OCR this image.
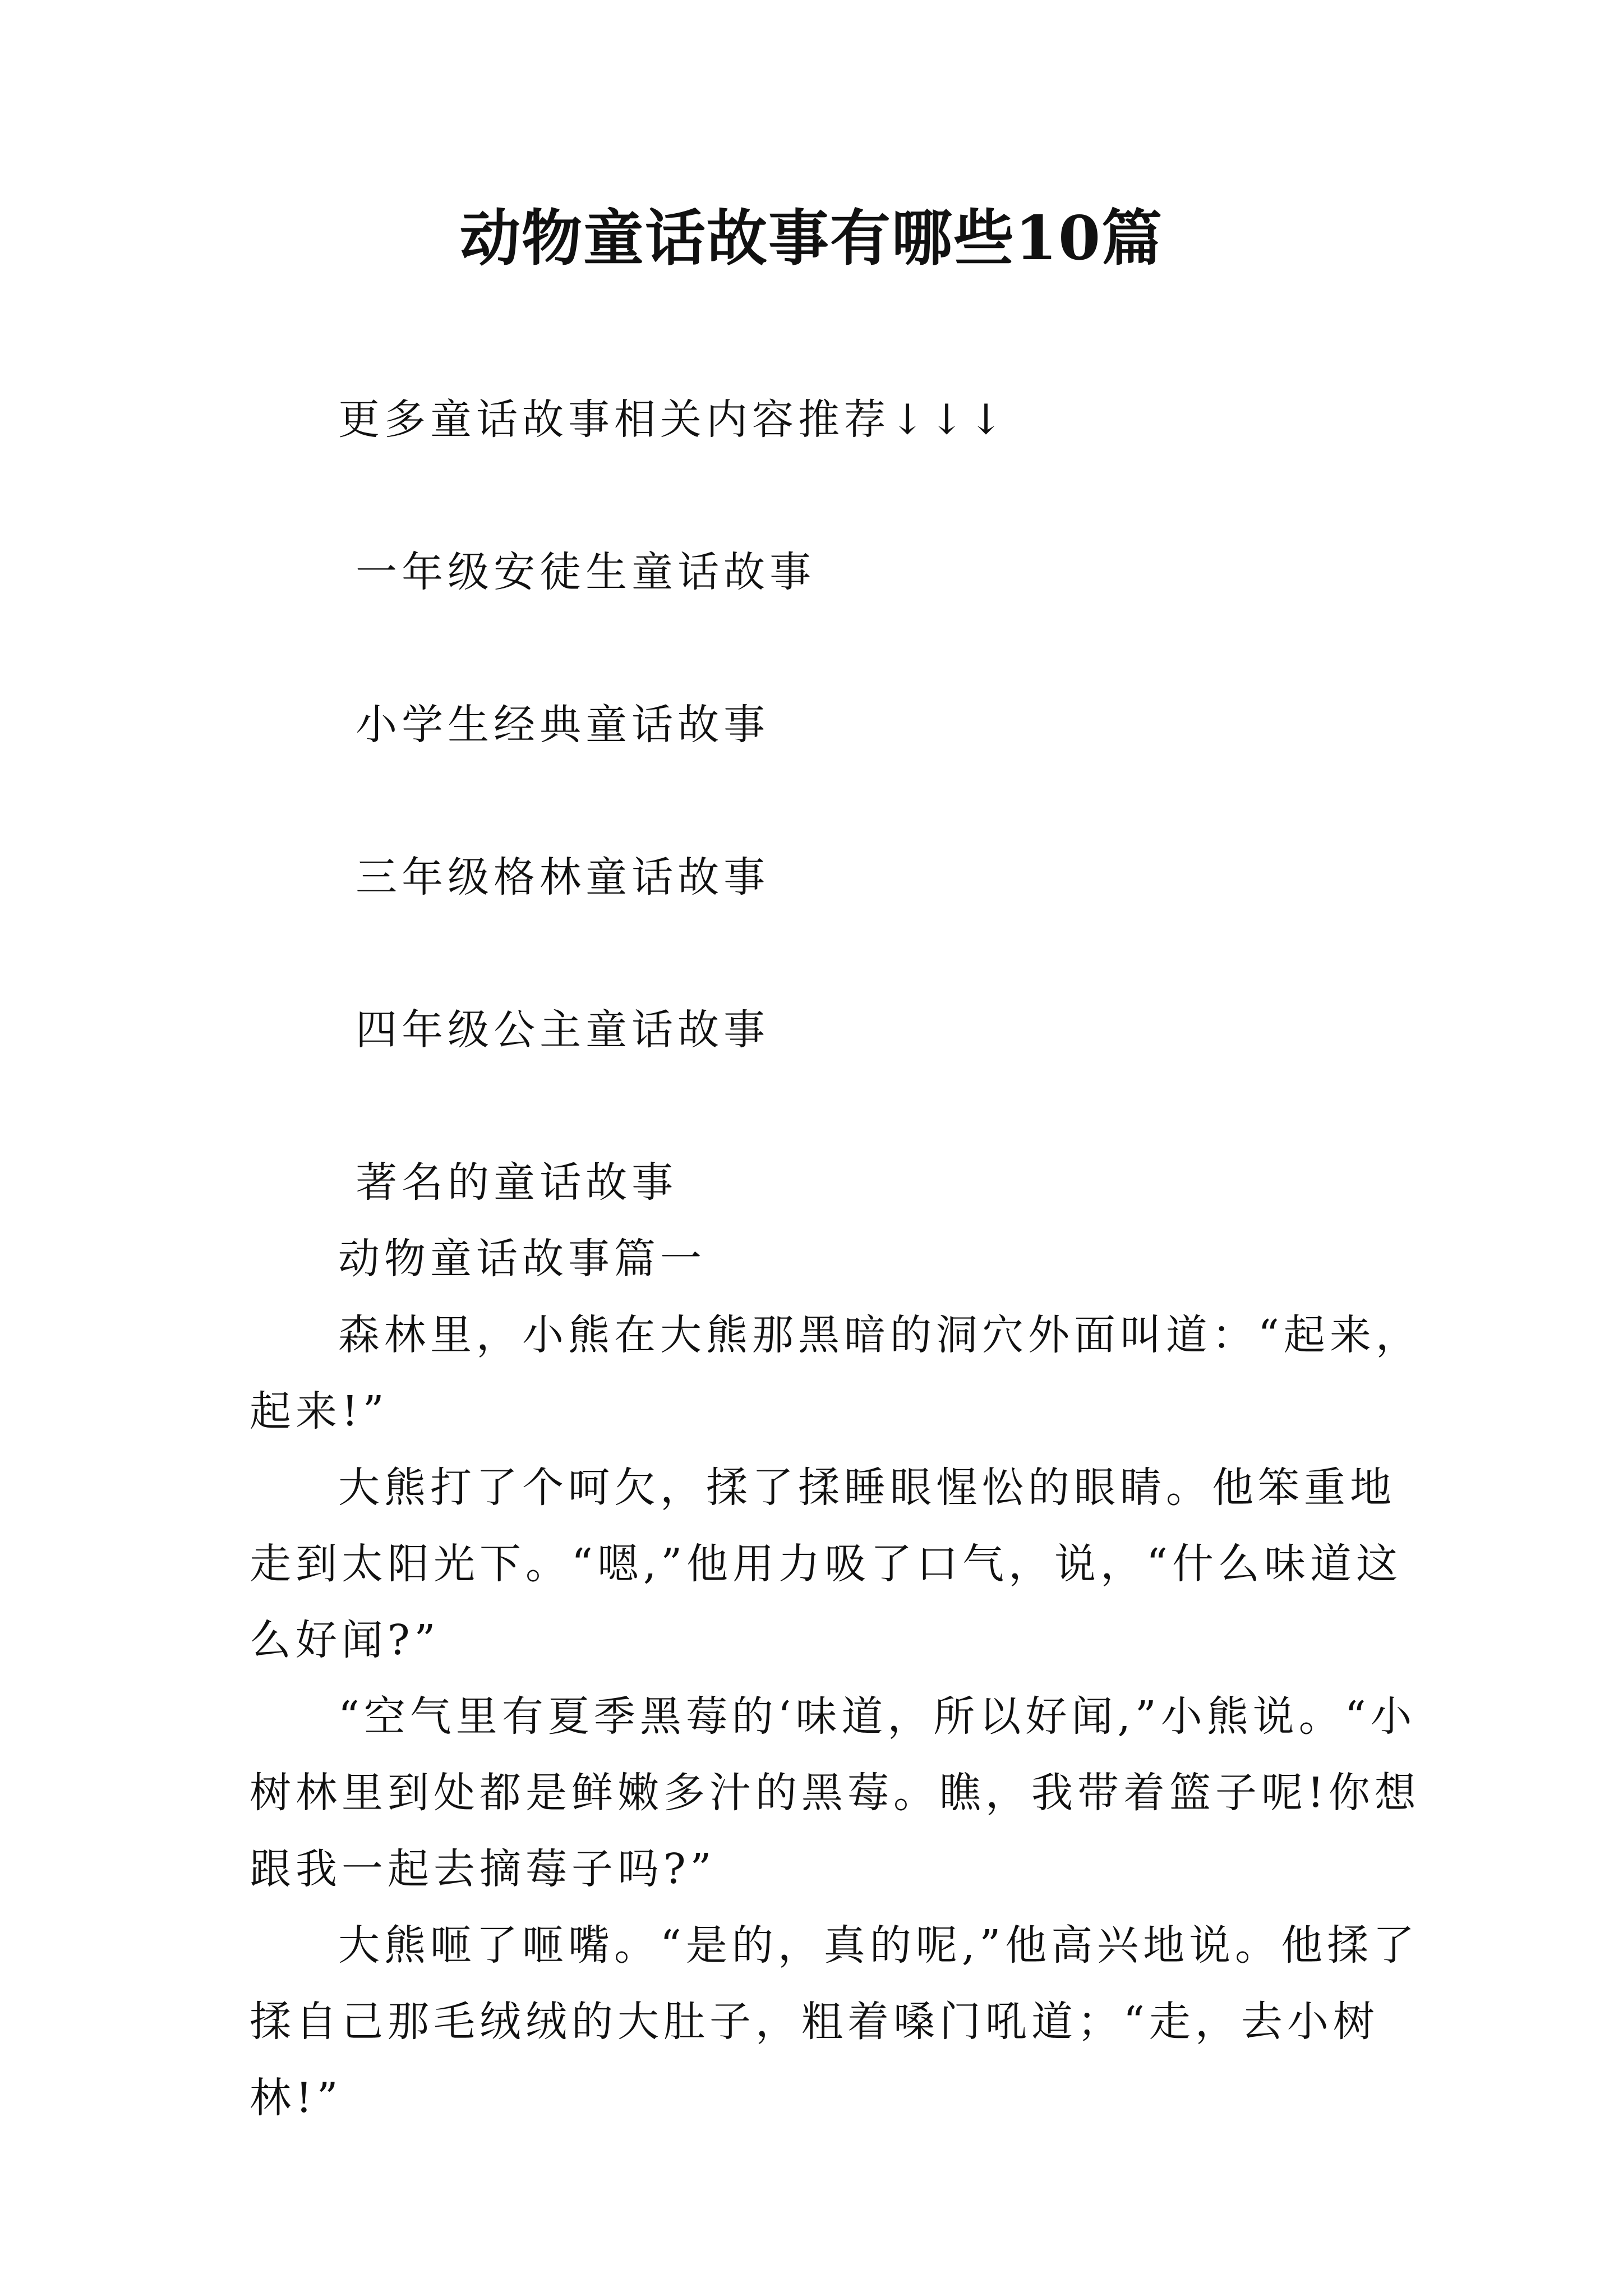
动物童话故事有哪些10篇

更多童话故事相关内容推荐↓↓↓

一年级安徒生童话故事

小学生经典童话故事

三年级格林童话故事

四年级公主童话故事

著名的童话故事

动物童话故事篇一

森林里，小熊在大熊那黑暗的洞穴外面叫道：“起来，起来!”

大熊打了个呵欠，揉了揉睡眼惺忪的眼睛。他笨重地走到太阳光下。“嗯,”他用力吸了口气，说，“什么味道这么好闻?”

“空气里有夏季黑莓的‘味道，所以好闻,”小熊说。“小树林里到处都是鲜嫩多汁的黑莓。瞧，我带着篮子呢!你想跟我一起去摘莓子吗?”

大熊咂了咂嘴。“是的，真的呢,”他高兴地说。他揉了揉自己那毛绒绒的大肚子，粗着嗓门吼道；“走，去小树林!”
